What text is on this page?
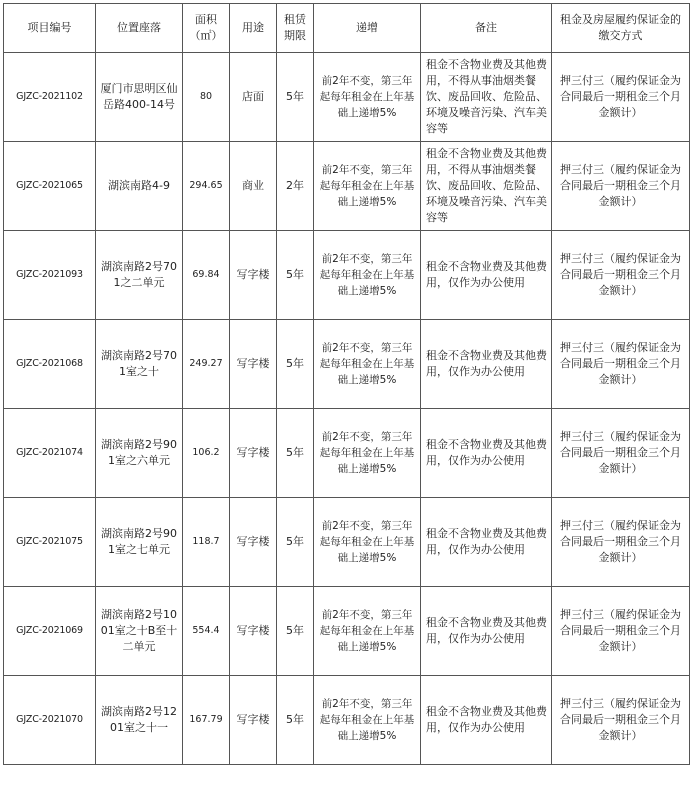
项目编号	位置座落	面积（㎡）	用途	租赁期限	递增	备注	租金及房屋履约保证金的缴交方式
GJZC-2021102	厦门市思明区仙岳路400-14号	80	店面	5年	前2年不变，第三年起每年租金在上年基础上递增5%	租金不含物业费及其他费用，不得从事油烟类餐饮、废品回收、危险品、环境及噪音污染、汽车美容等	押三付三（履约保证金为合同最后一期租金三个月金额计）
GJZC-2021065	湖滨南路4-9	294.65	商业	2年	前2年不变，第三年起每年租金在上年基础上递增5%	租金不含物业费及其他费用，不得从事油烟类餐饮、废品回收、危险品、环境及噪音污染、汽车美容等	押三付三（履约保证金为合同最后一期租金三个月金额计）
GJZC-2021093	湖滨南路2号701之二单元	69.84	写字楼	5年	前2年不变，第三年起每年租金在上年基础上递增5%	租金不含物业费及其他费用，仅作为办公使用	押三付三（履约保证金为合同最后一期租金三个月金额计）
GJZC-2021068	湖滨南路2号701室之十	249.27	写字楼	5年	前2年不变，第三年起每年租金在上年基础上递增5%	租金不含物业费及其他费用，仅作为办公使用	押三付三（履约保证金为合同最后一期租金三个月金额计）
GJZC-2021074	湖滨南路2号901室之六单元	106.2	写字楼	5年	前2年不变，第三年起每年租金在上年基础上递增5%	租金不含物业费及其他费用，仅作为办公使用	押三付三（履约保证金为合同最后一期租金三个月金额计）
GJZC-2021075	湖滨南路2号901室之七单元	118.7	写字楼	5年	前2年不变，第三年起每年租金在上年基础上递增5%	租金不含物业费及其他费用，仅作为办公使用	押三付三（履约保证金为合同最后一期租金三个月金额计）
GJZC-2021069	湖滨南路2号1001室之十B至十二单元	554.4	写字楼	5年	前2年不变，第三年起每年租金在上年基础上递增5%	租金不含物业费及其他费用，仅作为办公使用	押三付三（履约保证金为合同最后一期租金三个月金额计）
GJZC-2021070	湖滨南路2号1201室之十一	167.79	写字楼	5年	前2年不变，第三年起每年租金在上年基础上递增5%	租金不含物业费及其他费用，仅作为办公使用	押三付三（履约保证金为合同最后一期租金三个月金额计）
